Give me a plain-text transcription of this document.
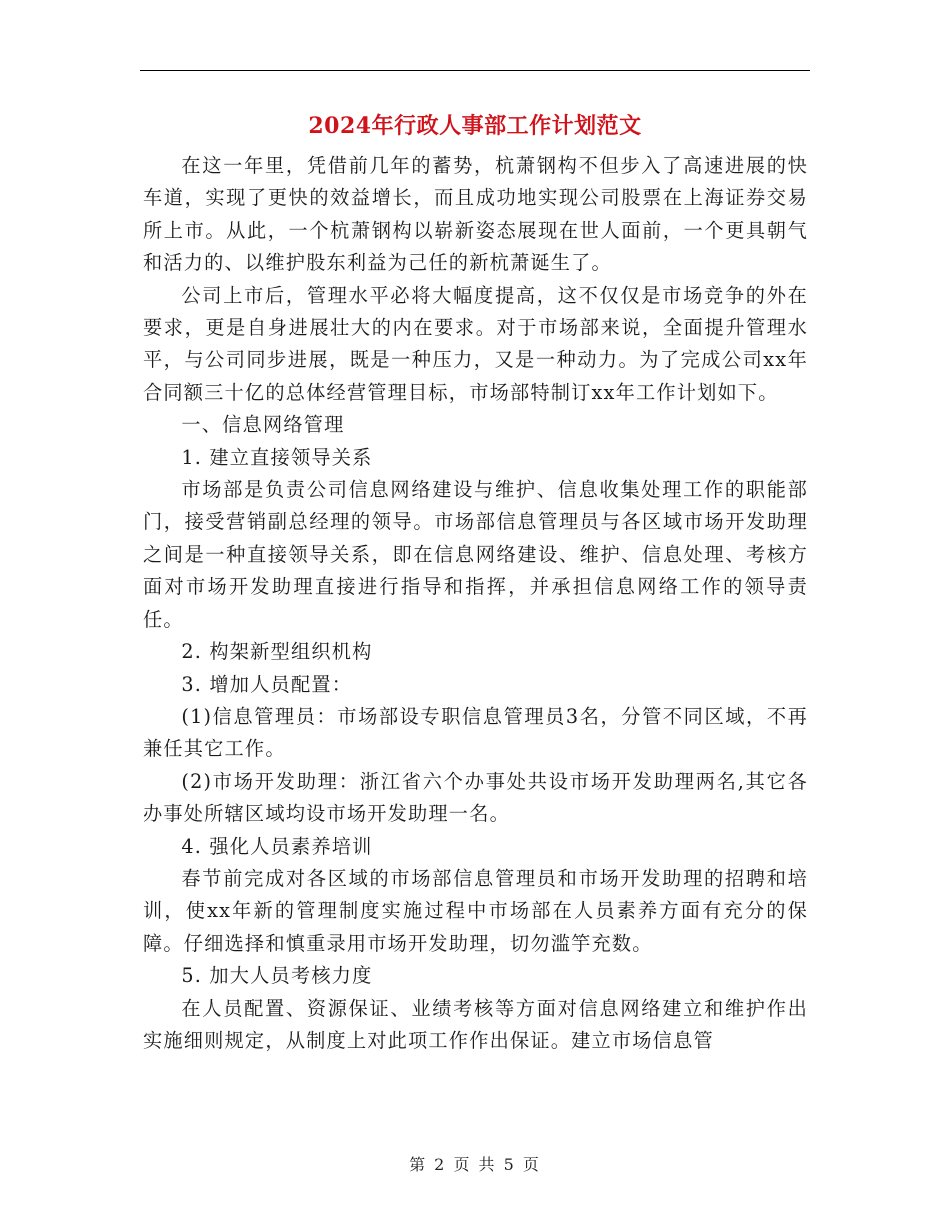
2024年行政人事部工作计划范文

在这一年里，凭借前几年的蓄势，杭萧钢构不但步入了高速进展的快车道，实现了更快的效益增长，而且成功地实现公司股票在上海证券交易所上市。从此，一个杭萧钢构以崭新姿态展现在世人面前，一个更具朝气和活力的、以维护股东利益为己任的新杭萧诞生了。

公司上市后，管理水平必将大幅度提高，这不仅仅是市场竞争的外在要求，更是自身进展壮大的内在要求。对于市场部来说，全面提升管理水平，与公司同步进展，既是一种压力，又是一种动力。为了完成公司xx年合同额三十亿的总体经营管理目标，市场部特制订xx年工作计划如下。

一、信息网络管理

1. 建立直接领导关系

市场部是负责公司信息网络建设与维护、信息收集处理工作的职能部门，接受营销副总经理的领导。市场部信息管理员与各区域市场开发助理之间是一种直接领导关系，即在信息网络建设、维护、信息处理、考核方面对市场开发助理直接进行指导和指挥，并承担信息网络工作的领导责任。

2. 构架新型组织机构

3. 增加人员配置：

(1)信息管理员：市场部设专职信息管理员3名，分管不同区域，不再兼任其它工作。

(2)市场开发助理：浙江省六个办事处共设市场开发助理两名,其它各办事处所辖区域均设市场开发助理一名。

4. 强化人员素养培训

春节前完成对各区域的市场部信息管理员和市场开发助理的招聘和培训，使xx年新的管理制度实施过程中市场部在人员素养方面有充分的保障。仔细选择和慎重录用市场开发助理，切勿滥竽充数。

5. 加大人员考核力度

在人员配置、资源保证、业绩考核等方面对信息网络建立和维护作出实施细则规定，从制度上对此项工作作出保证。建立市场信息管

第 2 页 共 5 页
